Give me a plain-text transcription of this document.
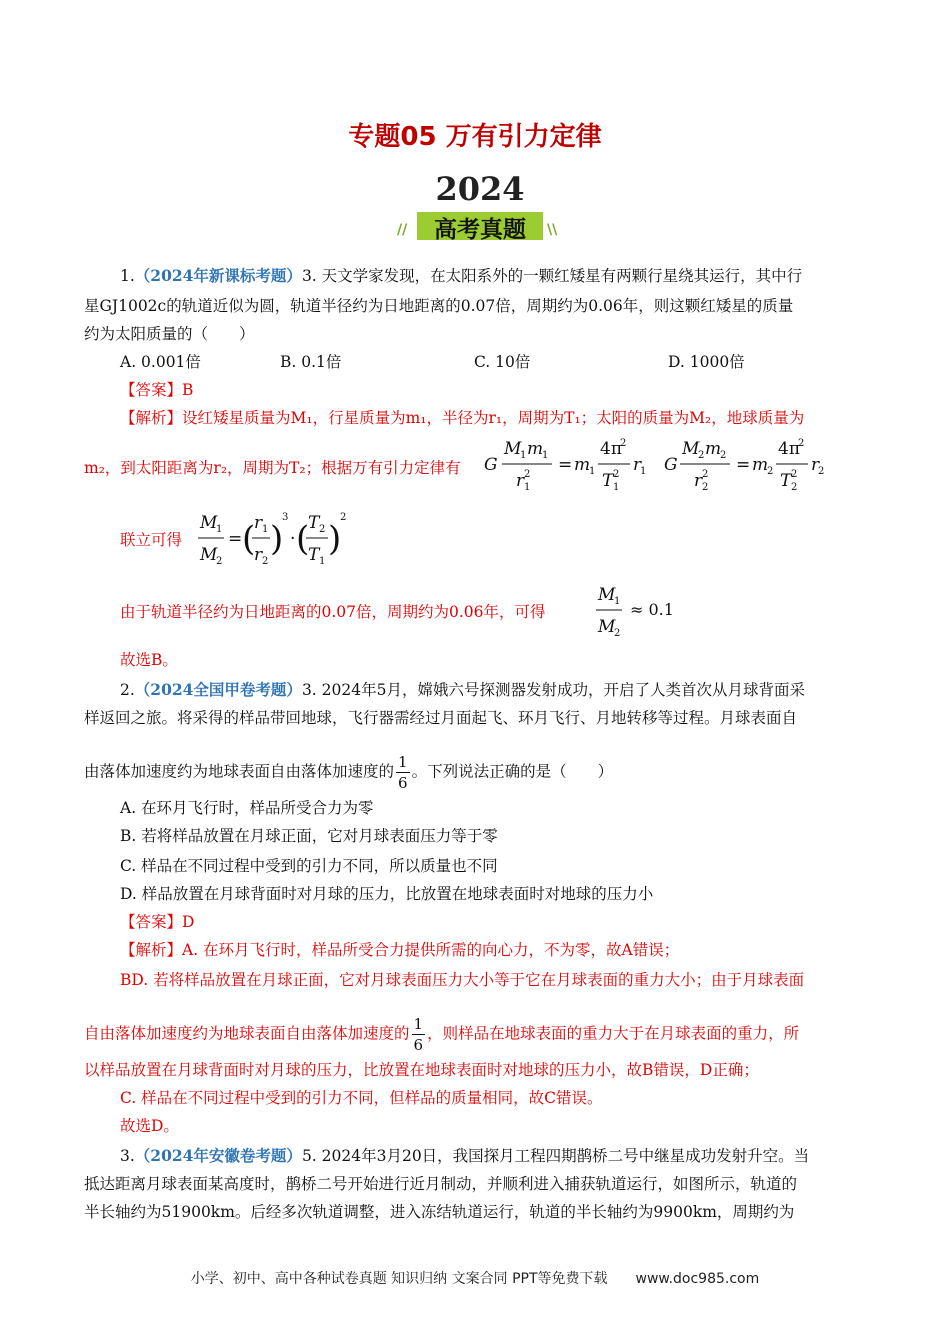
专题05 万有引力定律
2024
高考真题
//	\\
1.（2024年新课标考题）3. 天文学家发现，在太阳系外的一颗红矮星有两颗行星绕其运行，其中行
星GJ1002c的轨道近似为圆，轨道半径约为日地距离的0.07倍，周期约为0.06年，则这颗红矮星的质量
约为太阳质量的（　　）
A. 0.001倍	B. 0.1倍	C. 10倍	D. 1000倍
【答案】B
【解析】设红矮星质量为M₁，行星质量为m₁，半径为r₁，周期为T₁；太阳的质量为M₂，地球质量为
m₂，到太阳距离为r₂，周期为T₂；根据万有引力定律有 G
M
1 m
1
r 1
2 = m
1
4π
2
T 1
2 r
1 G
M
2 m
2
r 2
2 = m
2
4π
2
T 2
2 r
2
联立可得
M
1
M
2
= (
r 1
r 2
)
3
· (
T 2
T 1
)
2
由于轨道半径约为日地距离的0.07倍，周期约为0.06年，可得
M
1
M
2
≈ 0.1
故选B。
2.（2024全国甲卷考题）3. 2024年5月，嫦娥六号探测器发射成功，开启了人类首次从月球背面采
样返回之旅。将采得的样品带回地球，飞行器需经过月面起飞、环月飞行、月地转移等过程。月球表面自
由落体加速度约为地球表面自由落体加速度的 $\frac{1}{6}$ 。下列说法正确的是（　　）
A. 在环月飞行时，样品所受合力为零
B. 若将样品放置在月球正面，它对月球表面压力等于零
C. 样品在不同过程中受到的引力不同，所以质量也不同
D. 样品放置在月球背面时对月球的压力，比放置在地球表面时对地球的压力小
【答案】D
【解析】A. 在环月飞行时，样品所受合力提供所需的向心力，不为零，故A错误；
BD. 若将样品放置在月球正面，它对月球表面压力大小等于它在月球表面的重力大小；由于月球表面
自由落体加速度约为地球表面自由落体加速度的 $\frac{1}{6}$ ，则样品在地球表面的重力大于在月球表面的重力，所
以样品放置在月球背面时对月球的压力，比放置在地球表面时对地球的压力小，故B错误，D正确；
C. 样品在不同过程中受到的引力不同，但样品的质量相同，故C错误。
故选D。
3.（2024年安徽卷考题）5. 2024年3月20日，我国探月工程四期鹊桥二号中继星成功发射升空。当
抵达距离月球表面某高度时，鹊桥二号开始进行近月制动，并顺利进入捕获轨道运行，如图所示，轨道的
半长轴约为51900km。后经多次轨道调整，进入冻结轨道运行，轨道的半长轴约为9900km，周期约为
小学、初中、高中各种试卷真题 知识归纳 文案合同 PPT等免费下载　　www.doc985.com
